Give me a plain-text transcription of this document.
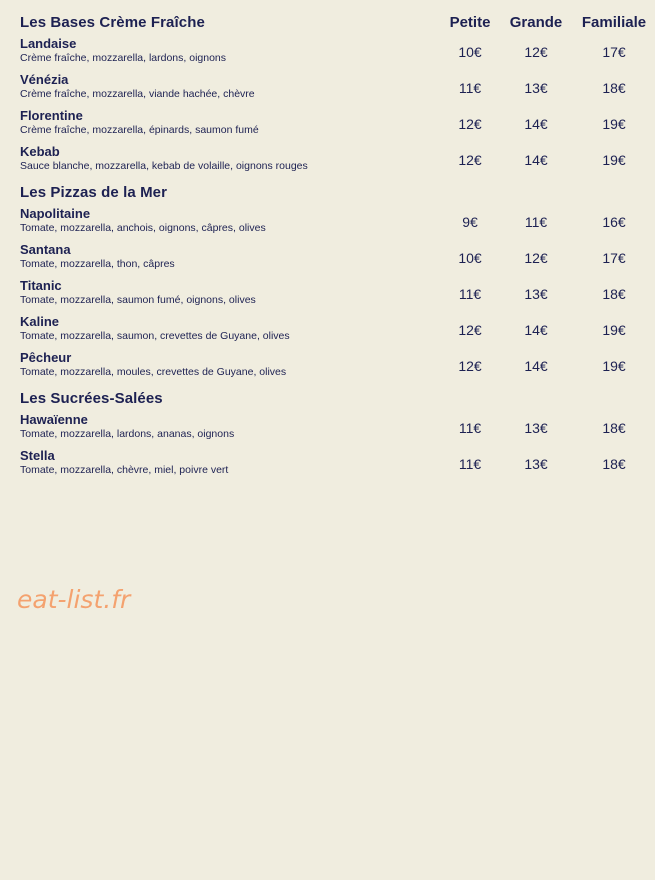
Les Bases Crème Fraîche	Petite	Grande	Familiale
Landaise
Crème fraîche, mozzarella, lardons, oignons	10€	12€	17€
Vénézia
Crème fraîche, mozzarella, viande hachée, chèvre	11€	13€	18€
Florentine
Crème fraîche, mozzarella, épinards, saumon fumé	12€	14€	19€
Kebab
Sauce blanche, mozzarella, kebab de volaille, oignons rouges	12€	14€	19€
Les Pizzas de la Mer
Napolitaine
Tomate, mozzarella, anchois, oignons, câpres, olives	9€	11€	16€
Santana
Tomate, mozzarella, thon, câpres	10€	12€	17€
Titanic
Tomate, mozzarella, saumon fumé, oignons, olives	11€	13€	18€
Kaline
Tomate, mozzarella, saumon, crevettes de Guyane, olives	12€	14€	19€
Pêcheur
Tomate, mozzarella, moules, crevettes de Guyane, olives	12€	14€	19€
Les Sucrées-Salées
Hawaïenne
Tomate, mozzarella, lardons, ananas, oignons	11€	13€	18€
Stella
Tomate, mozzarella, chèvre, miel, poivre vert	11€	13€	18€
eat-list.fr
